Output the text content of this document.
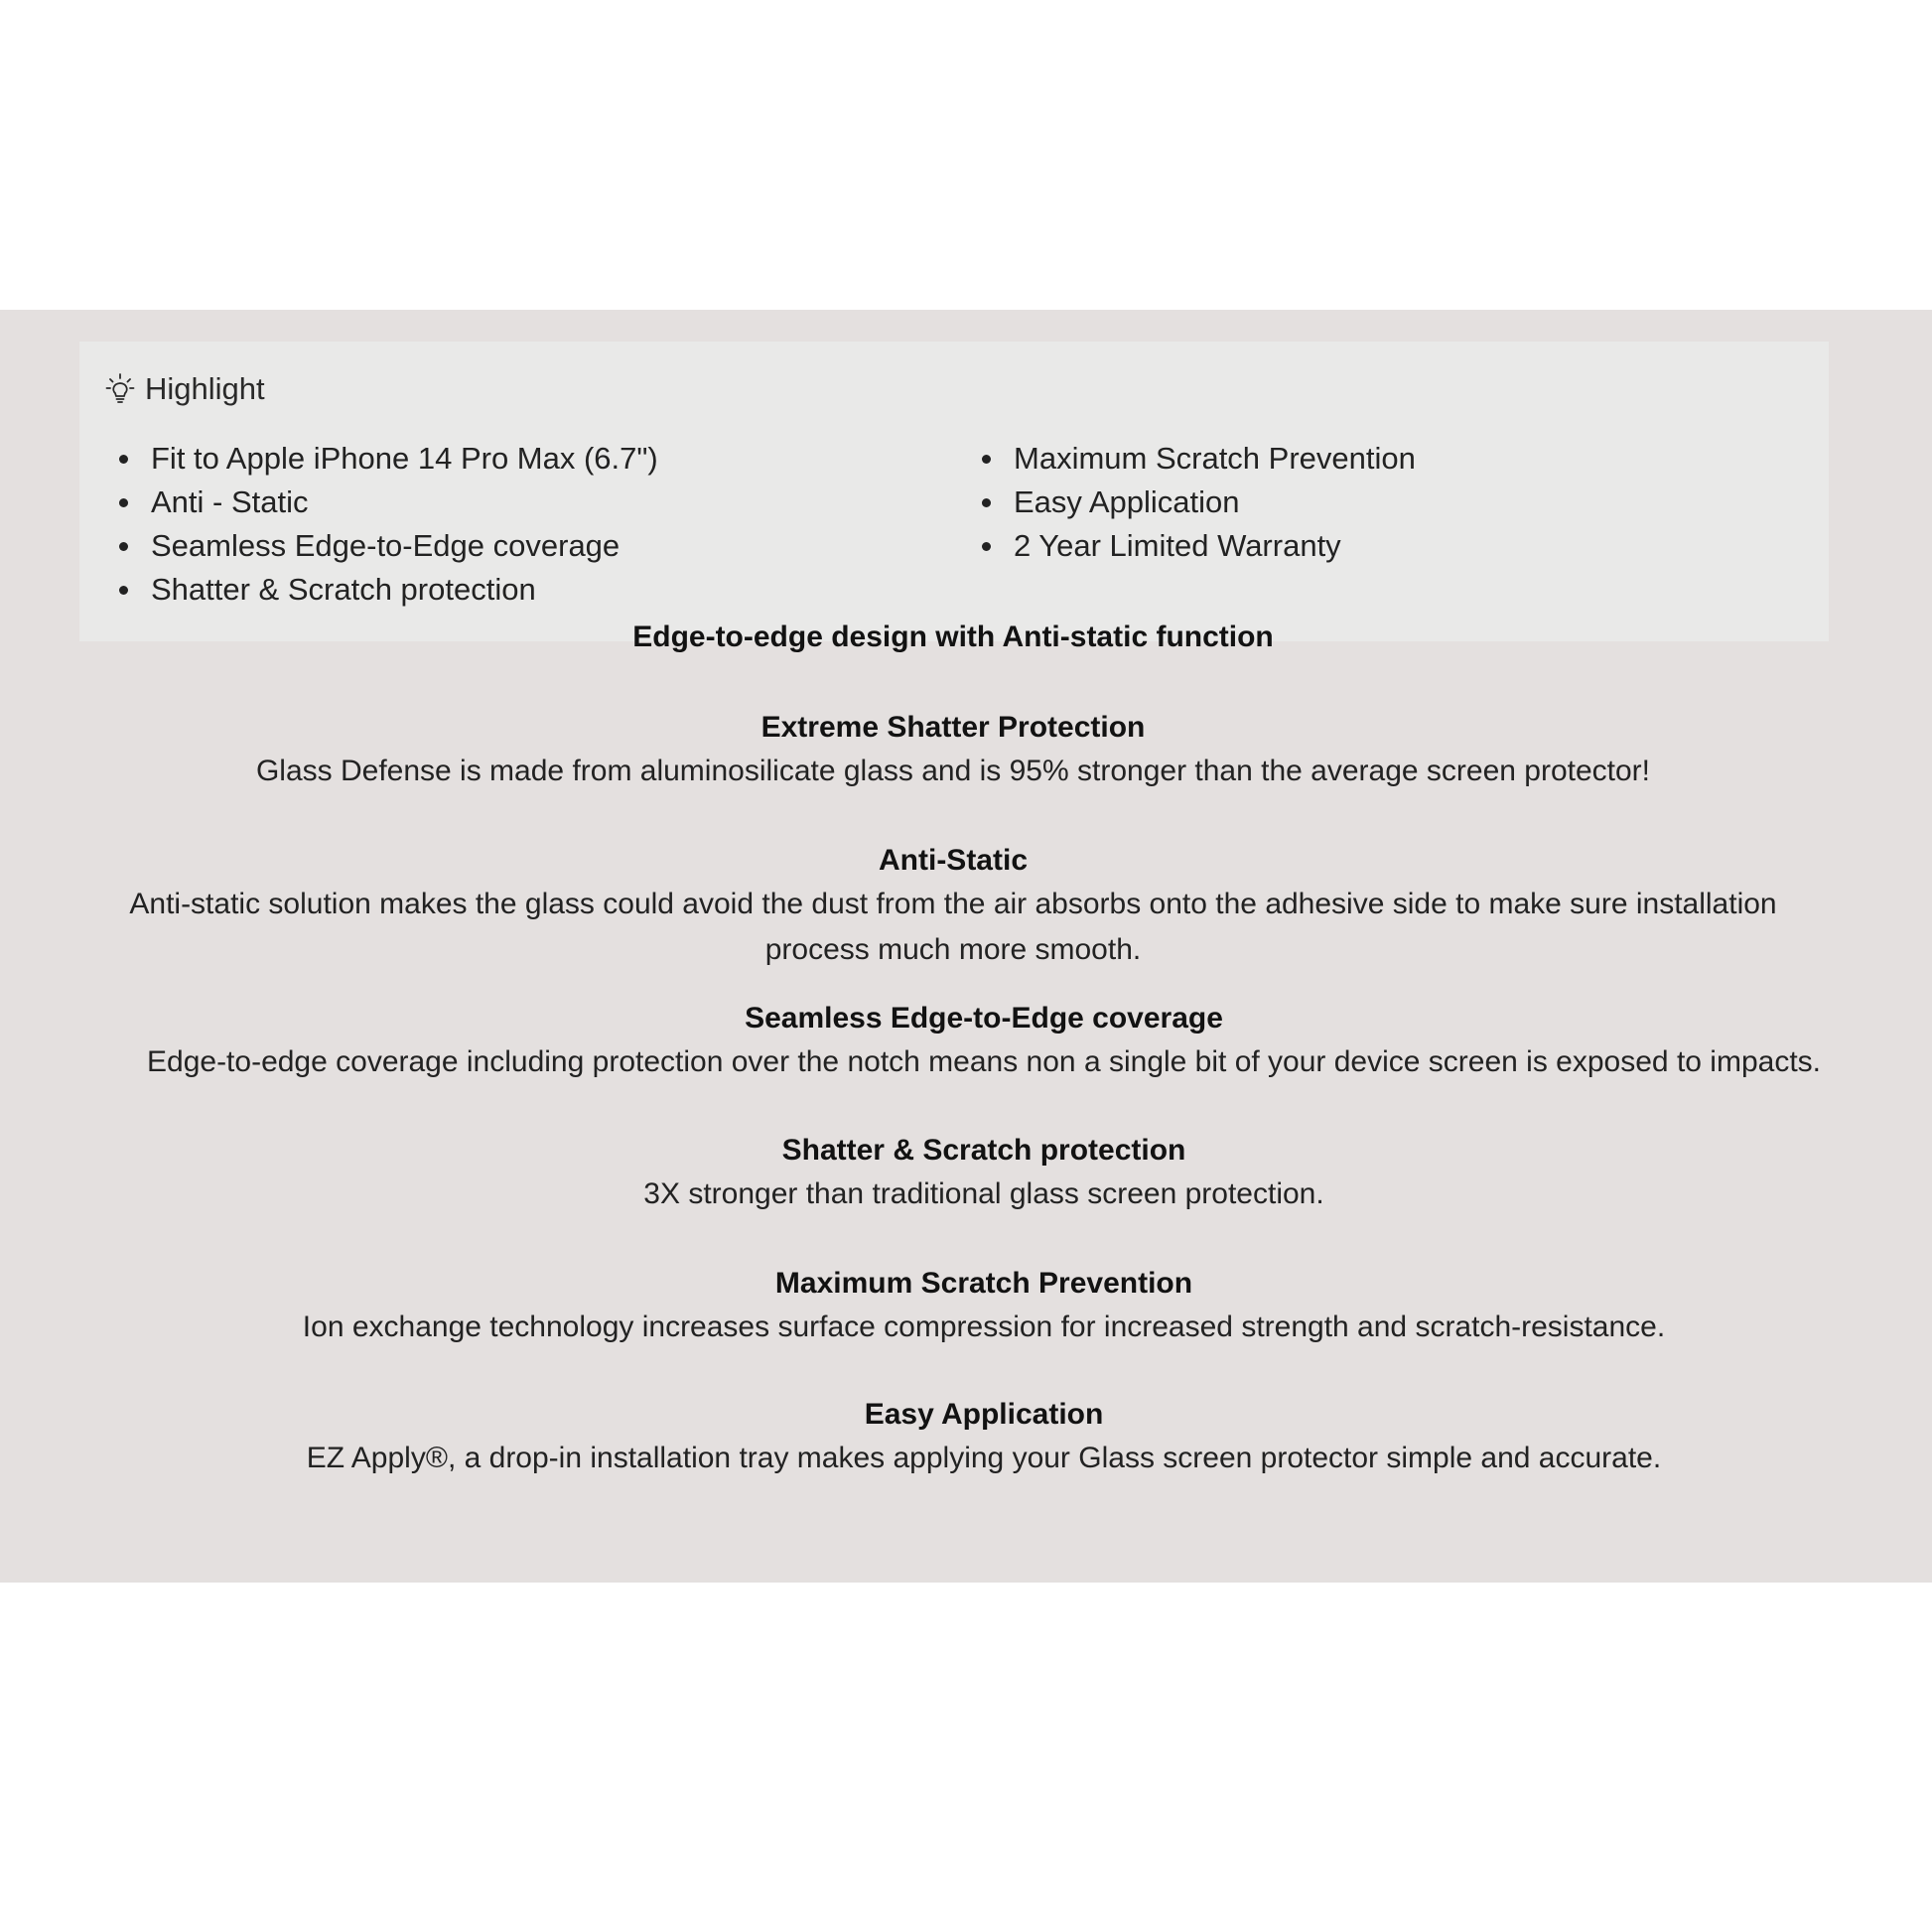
Highlight
Fit to Apple iPhone 14 Pro Max (6.7")
Anti - Static
Seamless Edge-to-Edge coverage
Shatter & Scratch protection
Maximum Scratch Prevention
Easy Application
2 Year Limited Warranty
Edge-to-edge design with Anti-static function
Extreme Shatter Protection

Glass Defense is made from aluminosilicate glass and is 95% stronger than the average screen protector!

Anti-Static

Anti-static solution makes the glass could avoid the dust from the air absorbs onto the adhesive side to make sure installation process much more smooth.

Seamless Edge-to-Edge coverage

Edge-to-edge coverage including protection over the notch means non a single bit of your device screen is exposed to impacts.

Shatter & Scratch protection

3X stronger than traditional glass screen protection.

Maximum Scratch Prevention

Ion exchange technology increases surface compression for increased strength and scratch-resistance.

Easy Application

EZ Apply®, a drop-in installation tray makes applying your Glass screen protector simple and accurate.
